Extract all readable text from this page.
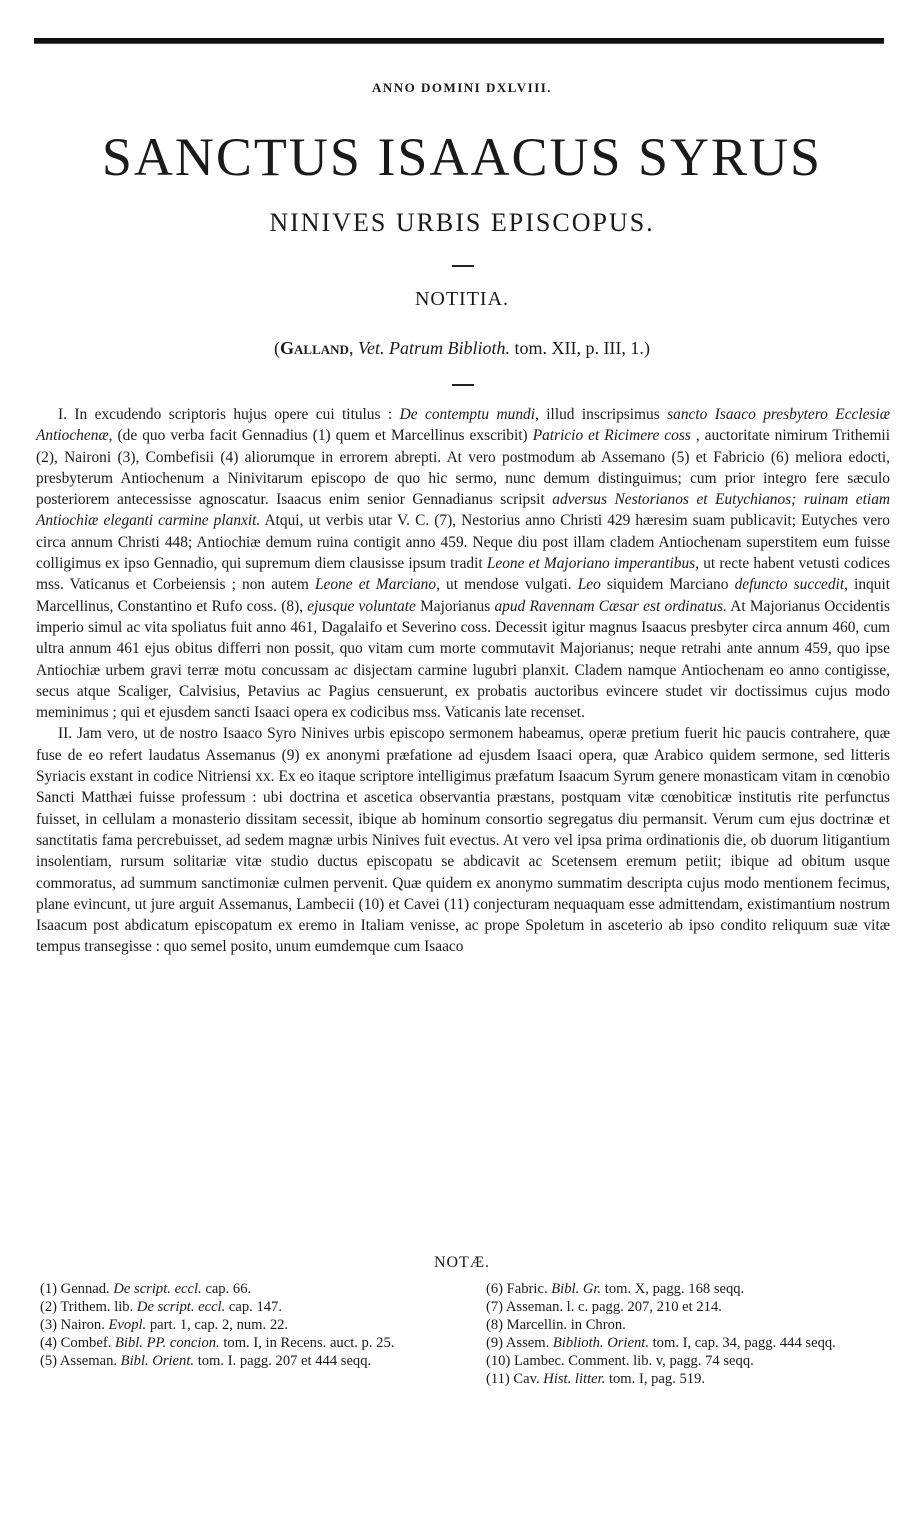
ANNO DOMINI DXLVIII.
SANCTUS ISAACUS SYRUS
NINIVES URBIS EPISCOPUS.
NOTITIA.
(Galland, Vet. Patrum Biblioth. tom. XII, p. III, 1.)

I. In excudendo scriptoris hujus opere cui titulus : De contemptu mundi, illud inscripsimus sancto Isaaco presbytero Ecclesiæ Antiochenæ, (de quo verba facit Gennadius (1) quem et Marcellinus exscribit) Patricio et Ricimere coss , auctoritate nimirum Trithemii (2), Naironi (3), Combefisii (4) aliorumque in errorem abrepti. At vero postmodum ab Assemano (5) et Fabricio (6) meliora edocti, presbyterum Antiochenum a Ninivitarum episcopo de quo hic sermo, nunc demum distinguimus; cum prior integro fere sæculo posteriorem antecessisse agnoscatur. Isaacus enim senior Gennadianus scripsit adversus Nestorianos et Eutychianos; ruinam etiam Antiochiæ eleganti carmine planxit. Atqui, ut verbis utar V. C. (7), Nestorius anno Christi 429 hæresim suam publicavit; Eutyches vero circa annum Christi 448; Antiochiæ demum ruina contigit anno 459. Neque diu post illam cladem Antiochenam superstitem eum fuisse colligimus ex ipso Gennadio, qui supremum diem clausisse ipsum tradit Leone et Majoriano imperantibus, ut recte habent vetusti codices mss. Vaticanus et Corbeiensis ; non autem Leone et Marciano, ut mendose vulgati. Leo siquidem Marciano defuncto succedit, inquit Marcellinus, Constantino et Rufo coss. (8), ejusque voluntate Majorianus apud Ravennam Cæsar est ordinatus. At Majorianus Occidentis imperio simul ac vita spoliatus fuit anno 461, Dagalaifo et Severino coss. Decessit igitur magnus Isaacus presbyter circa annum 460, cum ultra annum 461 ejus obitus differri non possit, quo vitam cum morte commutavit Majorianus; neque retrahi ante annum 459, quo ipse Antiochiæ urbem gravi terræ motu concussam ac disjectam carmine lugubri planxit. Cladem namque Antiochenam eo anno contigisse, secus atque Scaliger, Calvisius, Petavius ac Pagius censuerunt, ex probatis auctoribus evincere studet vir doctissimus cujus modo meminimus ; qui et ejusdem sancti Isaaci opera ex codicibus mss. Vaticanis late recenset.

II. Jam vero, ut de nostro Isaaco Syro Ninives urbis episcopo sermonem habeamus, operæ pretium fuerit hic paucis contrahere, quæ fuse de eo refert laudatus Assemanus (9) ex anonymi præfatione ad ejusdem Isaaci opera, quæ Arabico quidem sermone, sed litteris Syriacis exstant in codice Nitriensi xx. Ex eo itaque scriptore intelligimus præfatum Isaacum Syrum genere monasticam vitam in cœnobio Sancti Matthæi fuisse professum : ubi doctrina et ascetica observantia præstans, postquam vitæ cœnobiticæ institutis rite perfunctus fuisset, in cellulam a monasterio dissitam secessit, ibique ab hominum consortio segregatus diu permansit. Verum cum ejus doctrinæ et sanctitatis fama percrebuisset, ad sedem magnæ urbis Ninives fuit evectus. At vero vel ipsa prima ordinationis die, ob duorum litigantium insolentiam, rursum solitariæ vitæ studio ductus episcopatu se abdicavit ac Scetensem eremum petiit; ibique ad obitum usque commoratus, ad summum sanctimoniæ culmen pervenit. Quæ quidem ex anonymo summatim descripta cujus modo mentionem fecimus, plane evincunt, ut jure arguit Assemanus, Lambecii (10) et Cavei (11) conjecturam nequaquam esse admittendam, existimantium nostrum Isaacum post abdicatum episcopatum ex eremo in Italiam venisse, ac prope Spoletum in asceterio ab ipso condito reliquum suæ vitæ tempus transegisse : quo semel posito, unum eumdemque cum Isaaco

NOTÆ.

(1) Gennad. De script. eccl. cap. 66.

(2) Trithem. lib. De script. eccl. cap. 147.

(3) Nairon. Evopl. part. 1, cap. 2, num. 22.

(4) Combef. Bibl. PP. concion. tom. I, in Recens. auct. p. 25.

(5) Asseman. Bibl. Orient. tom. I. pagg. 207 et 444 seqq.

(6) Fabric. Bibl. Gr. tom. X, pagg. 168 seqq.

(7) Asseman. l. c. pagg. 207, 210 et 214.

(8) Marcellin. in Chron.

(9) Assem. Biblioth. Orient. tom. I, cap. 34, pagg. 444 seqq.

(10) Lambec. Comment. lib. v, pagg. 74 seqq.

(11) Cav. Hist. litter. tom. I, pag. 519.
